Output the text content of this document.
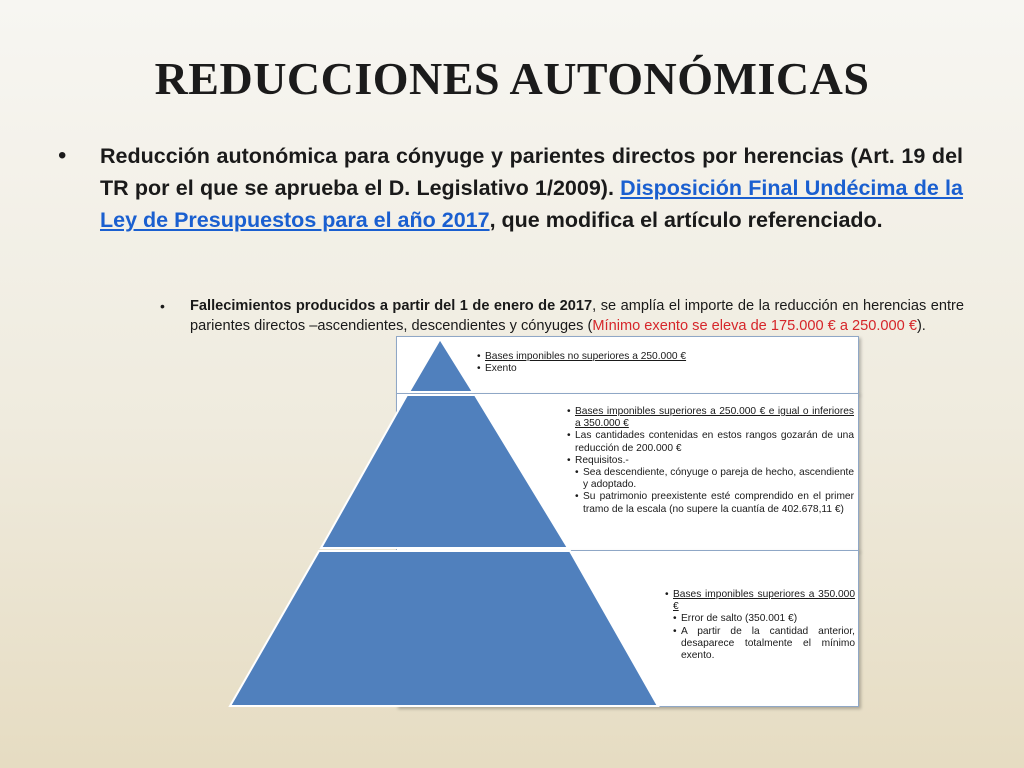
REDUCCIONES AUTONÓMICAS
• Reducción autonómica para cónyuge y parientes directos por herencias (Art. 19 del TR por el que se aprueba el D. Legislativo 1/2009). Disposición Final Undécima de la Ley de Presupuestos para el año 2017, que modifica el artículo referenciado.
• Fallecimientos producidos a partir del 1 de enero de 2017, se amplía el importe de la reducción en herencias entre parientes directos –ascendientes, descendientes y cónyuges (Mínimo exento se eleva de 175.000 € a 250.000 €).
• Bases imponibles no superiores a 250.000 €
• Exento
• Bases imponibles superiores a 250.000 € e igual o inferiores a 350.000 €
• Las cantidades contenidas en estos rangos gozarán de una reducción de 200.000 €
• Requisitos.-
• Sea descendiente, cónyuge o pareja de hecho, ascendiente y adoptado.
• Su patrimonio preexistente esté comprendido en el primer tramo de la escala (no supere la cuantía de 402.678,11 €)
• Bases imponibles superiores a 350.000 €
• Error de salto (350.001 €)
• A partir de la cantidad anterior, desaparece totalmente el mínimo exento.
